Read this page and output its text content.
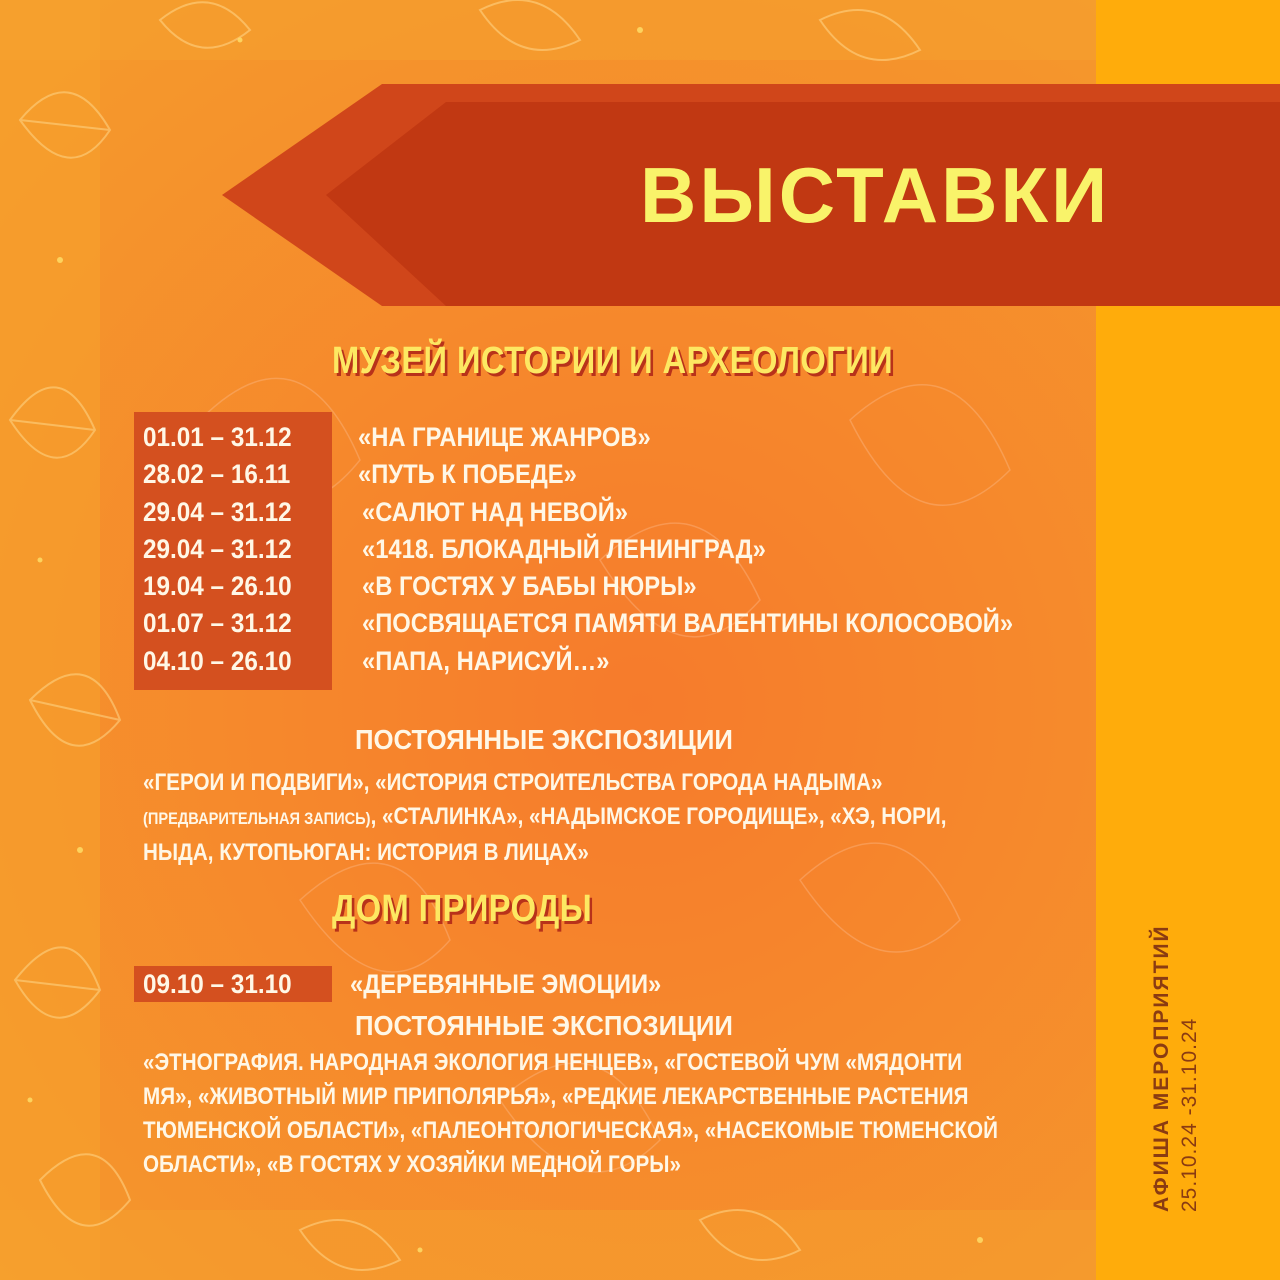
ВЫСТАВКИ
МУЗЕЙ ИСТОРИИ И АРХЕОЛОГИИ
01.01 – 31.12 «НА ГРАНИЦЕ ЖАНРОВ»
28.02 – 16.11	«ПУТЬ К ПОБЕДЕ»
29.04 – 31.12	«САЛЮТ НАД НЕВОЙ»
29.04 – 31.12	«1418. БЛОКАДНЫЙ ЛЕНИНГРАД»
19.04 – 26.10	«В ГОСТЯХ У БАБЫ НЮРЫ»
01.07 – 31.12	«ПОСВЯЩАЕТСЯ ПАМЯТИ ВАЛЕНТИНЫ КОЛОСОВОЙ»
04.10 – 26.10	«ПАПА, НАРИСУЙ…»
ПОСТОЯННЫЕ ЭКСПОЗИЦИИ
«ГЕРОИ И ПОДВИГИ», «ИСТОРИЯ СТРОИТЕЛЬСТВА ГОРОДА НАДЫМА» (ПРЕДВАРИТЕЛЬНАЯ ЗАПИСЬ), «СТАЛИНКА», «НАДЫМСКОЕ ГОРОДИЩЕ», «ХЭ, НОРИ, НЫДА, КУТОПЬЮГАН: ИСТОРИЯ В ЛИЦАХ»
ДОМ ПРИРОДЫ
09.10 – 31.10 «ДЕРЕВЯННЫЕ ЭМОЦИИ»
ПОСТОЯННЫЕ ЭКСПОЗИЦИИ
«ЭТНОГРАФИЯ. НАРОДНАЯ ЭКОЛОГИЯ НЕНЦЕВ», «ГОСТЕВОЙ ЧУМ «МЯДОНТИ МЯ», «ЖИВОТНЫЙ МИР ПРИПОЛЯРЬЯ», «РЕДКИЕ ЛЕКАРСТВЕННЫЕ РАСТЕНИЯ ТЮМЕНСКОЙ ОБЛАСТИ», «ПАЛЕОНТОЛОГИЧЕСКАЯ», «НАСЕКОМЫЕ ТЮМЕНСКОЙ ОБЛАСТИ», «В ГОСТЯХ У ХОЗЯЙКИ МЕДНОЙ ГОРЫ»	АФИША МЕРОПРИЯТИЙ 25.10.24 -31.10.24
